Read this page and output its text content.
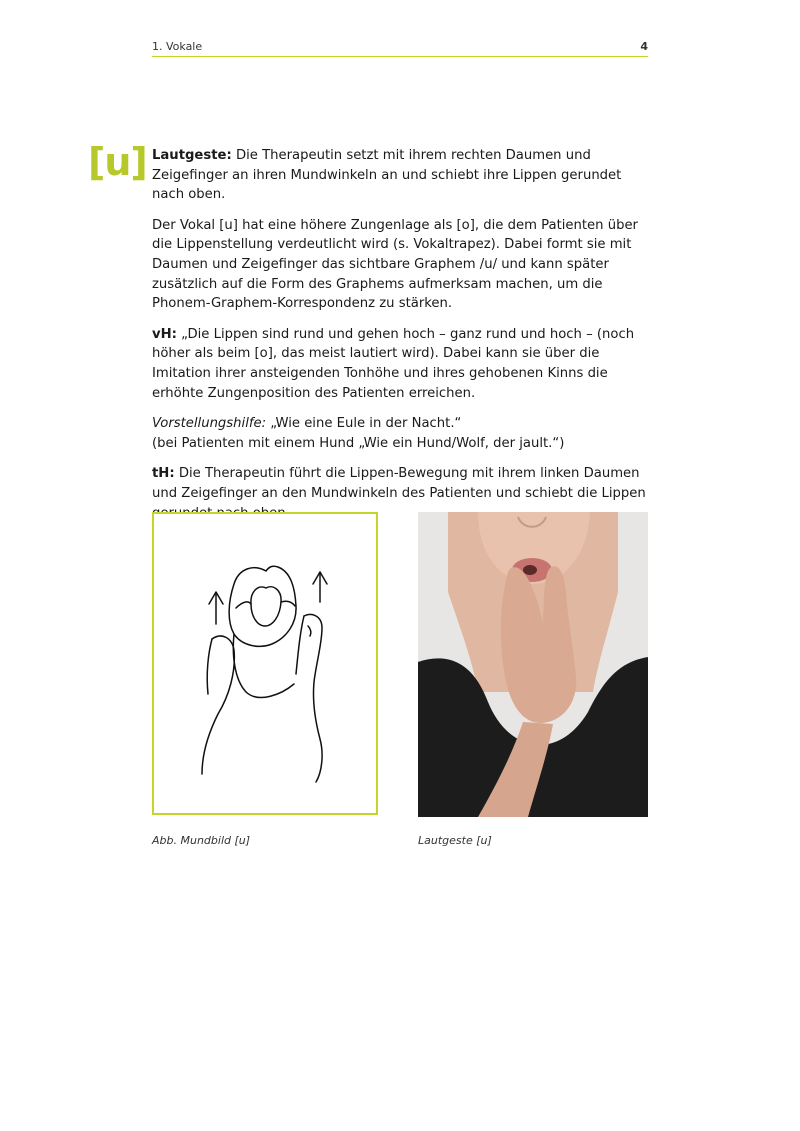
1. Vokale	4
[u] Lautgeste: Die Therapeutin setzt mit ihrem rechten Daumen und Zeigefinger an ihren Mundwinkeln an und schiebt ihre Lippen gerundet nach oben.

Der Vokal [u] hat eine höhere Zungenlage als [o], die dem Patienten über die Lippenstellung verdeutlicht wird (s. Vokaltrapez). Dabei formt sie mit Daumen und Zeigefinger das sichtbare Graphem /u/ und kann später zusätzlich auf die Form des Graphems aufmerksam machen, um die Phonem-Graphem-Korrespondenz zu stärken.

vH: „Die Lippen sind rund und gehen hoch – ganz rund und hoch – (noch höher als beim [o], das meist lautiert wird). Dabei kann sie über die Imitation ihrer ansteigenden Tonhöhe und ihres gehobenen Kinns die erhöhte Zungenposition des Patienten erreichen.

Vorstellungshilfe: „Wie eine Eule in der Nacht.“
(bei Patienten mit einem Hund „Wie ein Hund/Wolf, der jault.“)

tH: Die Therapeutin führt die Lippen-Bewegung mit ihrem linken Daumen und Zeigefinger an den Mundwinkeln des Patienten und schiebt die Lippen

Abb. Mundbild [u]	Lautgeste [u]
